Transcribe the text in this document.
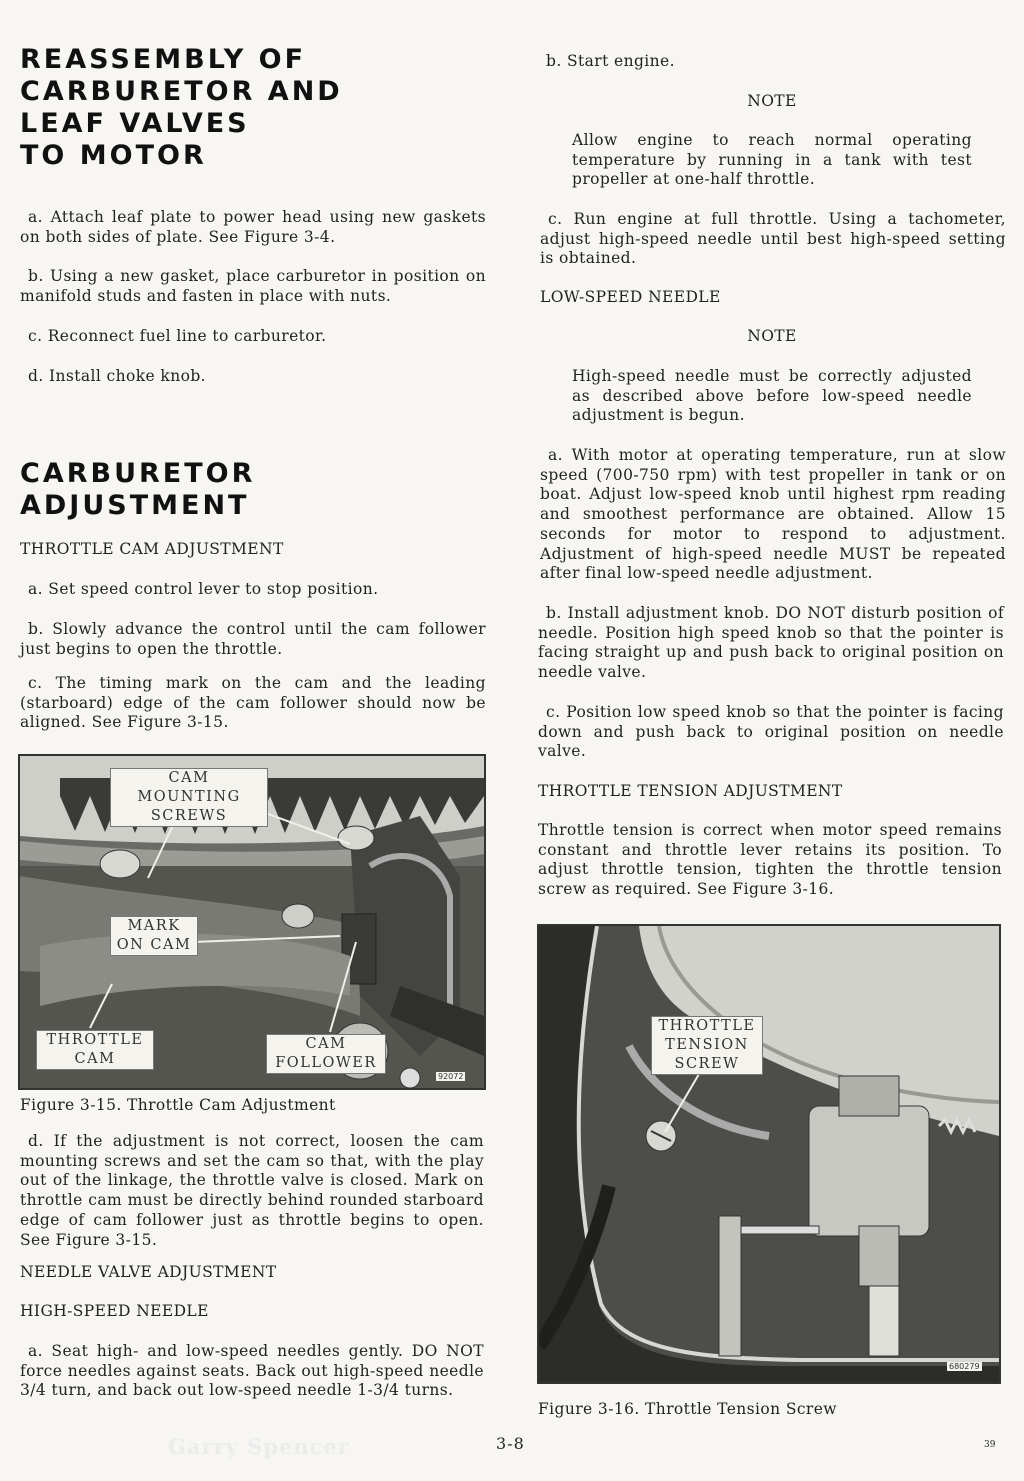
REASSEMBLY OF

CARBURETOR AND

LEAF VALVES

TO MOTOR

a. Attach leaf plate to power head using new gaskets on both sides of plate. See Figure 3-4.

b. Using a new gasket, place carburetor in position on manifold studs and fasten in place with nuts.

c. Reconnect fuel line to carburetor.

d. Install choke knob.

CARBURETOR

ADJUSTMENT

THROTTLE CAM ADJUSTMENT

a. Set speed control lever to stop position.

b. Slowly advance the control until the cam follower just begins to open the throttle.

c. The timing mark on the cam and the leading (starboard) edge of the cam follower should now be aligned. See Figure 3-15.

CAM MOUNTING SCREWS
MARK ON CAM
THROTTLE CAM
CAM FOLLOWER
92072

Figure 3-15. Throttle Cam Adjustment

d. If the adjustment is not correct, loosen the cam mounting screws and set the cam so that, with the play out of the linkage, the throttle valve is closed. Mark on throttle cam must be directly behind rounded starboard edge of cam follower just as throttle begins to open. See Figure 3-15.

NEEDLE VALVE ADJUSTMENT

HIGH-SPEED NEEDLE

a. Seat high- and low-speed needles gently. DO NOT force needles against seats. Back out high-speed needle 3/4 turn, and back out low-speed needle 1-3/4 turns.

b. Start engine.

NOTE

Allow engine to reach normal operating temperature by running in a tank with test propeller at one-half throttle.

c. Run engine at full throttle. Using a tachometer, adjust high-speed needle until best high-speed setting is obtained.

LOW-SPEED NEEDLE

NOTE

High-speed needle must be correctly adjusted as described above before low-speed needle adjustment is begun.

a. With motor at operating temperature, run at slow speed (700-750 rpm) with test propeller in tank or on boat. Adjust low-speed knob until highest rpm reading and smoothest performance are obtained. Allow 15 seconds for motor to respond to adjustment. Adjustment of high-speed needle MUST be repeated after final low-speed needle adjustment.

b. Install adjustment knob. DO NOT disturb position of needle. Position high speed knob so that the pointer is facing straight up and push back to original position on needle valve.

c. Position low speed knob so that the pointer is facing down and push back to original position on needle valve.

THROTTLE TENSION ADJUSTMENT

Throttle tension is correct when motor speed remains constant and throttle lever retains its position. To adjust throttle tension, tighten the throttle tension screw as required. See Figure 3-16.

THROTTLE TENSION SCREW
680279

Figure 3-16. Throttle Tension Screw

Garry Spencer	3-8	39
